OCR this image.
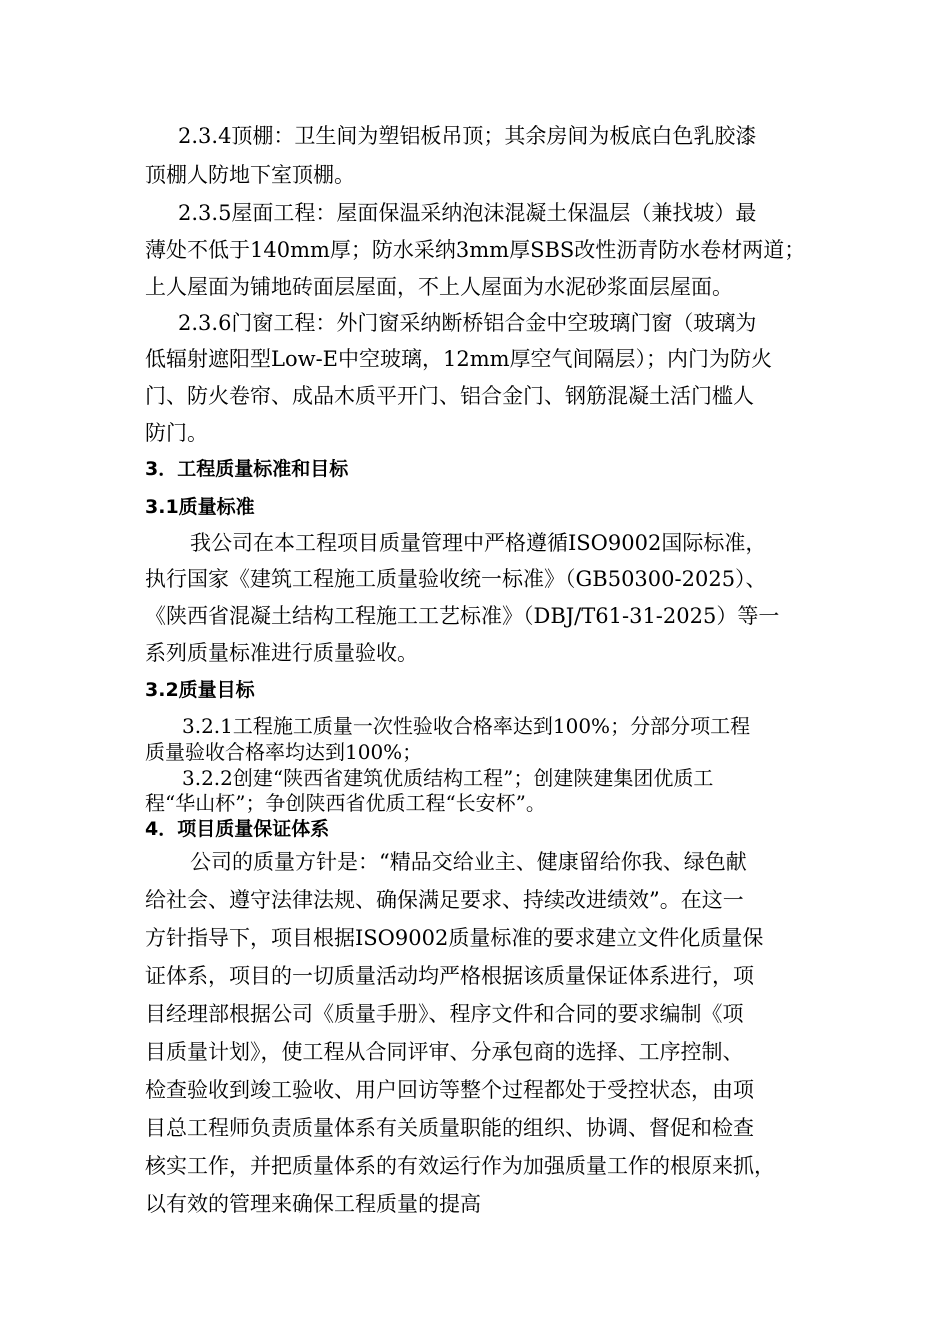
2.3.4顶棚：卫生间为塑铝板吊顶；其余房间为板底白色乳胶漆
顶棚人防地下室顶棚。
2.3.5屋面工程：屋面保温采纳泡沫混凝土保温层（兼找坡）最
薄处不低于140mm厚；防水采纳3mm厚SBS改性沥青防水卷材两道；
上人屋面为铺地砖面层屋面，不上人屋面为水泥砂浆面层屋面。
2.3.6门窗工程：外门窗采纳断桥铝合金中空玻璃门窗（玻璃为
低辐射遮阳型Low-E中空玻璃，12mm厚空气间隔层）；内门为防火
门、防火卷帘、成品木质平开门、铝合金门、钢筋混凝土活门槛人
防门。
3．工程质量标准和目标
3.1质量标准
我公司在本工程项目质量管理中严格遵循ISO9002国际标准，
执行国家《建筑工程施工质量验收统一标准》（GB50300-2025）、
《陕西省混凝土结构工程施工工艺标准》（DBJ/T61-31-2025）等一
系列质量标准进行质量验收。
3.2质量目标
3.2.1工程施工质量一次性验收合格率达到100%；分部分项工程
质量验收合格率均达到100%；
3.2.2创建“陕西省建筑优质结构工程”；创建陕建集团优质工
程“华山杯”；争创陕西省优质工程“长安杯”。
4．项目质量保证体系
公司的质量方针是：“精品交给业主、健康留给你我、绿色献
给社会、遵守法律法规、确保满足要求、持续改进绩效”。在这一
方针指导下，项目根据ISO9002质量标准的要求建立文件化质量保
证体系，项目的一切质量活动均严格根据该质量保证体系进行，项
目经理部根据公司《质量手册》、程序文件和合同的要求编制《项
目质量计划》，使工程从合同评审、分承包商的选择、工序控制、
检查验收到竣工验收、用户回访等整个过程都处于受控状态，由项
目总工程师负责质量体系有关质量职能的组织、协调、督促和检查
核实工作，并把质量体系的有效运行作为加强质量工作的根原来抓，
以有效的管理来确保工程质量的提高
